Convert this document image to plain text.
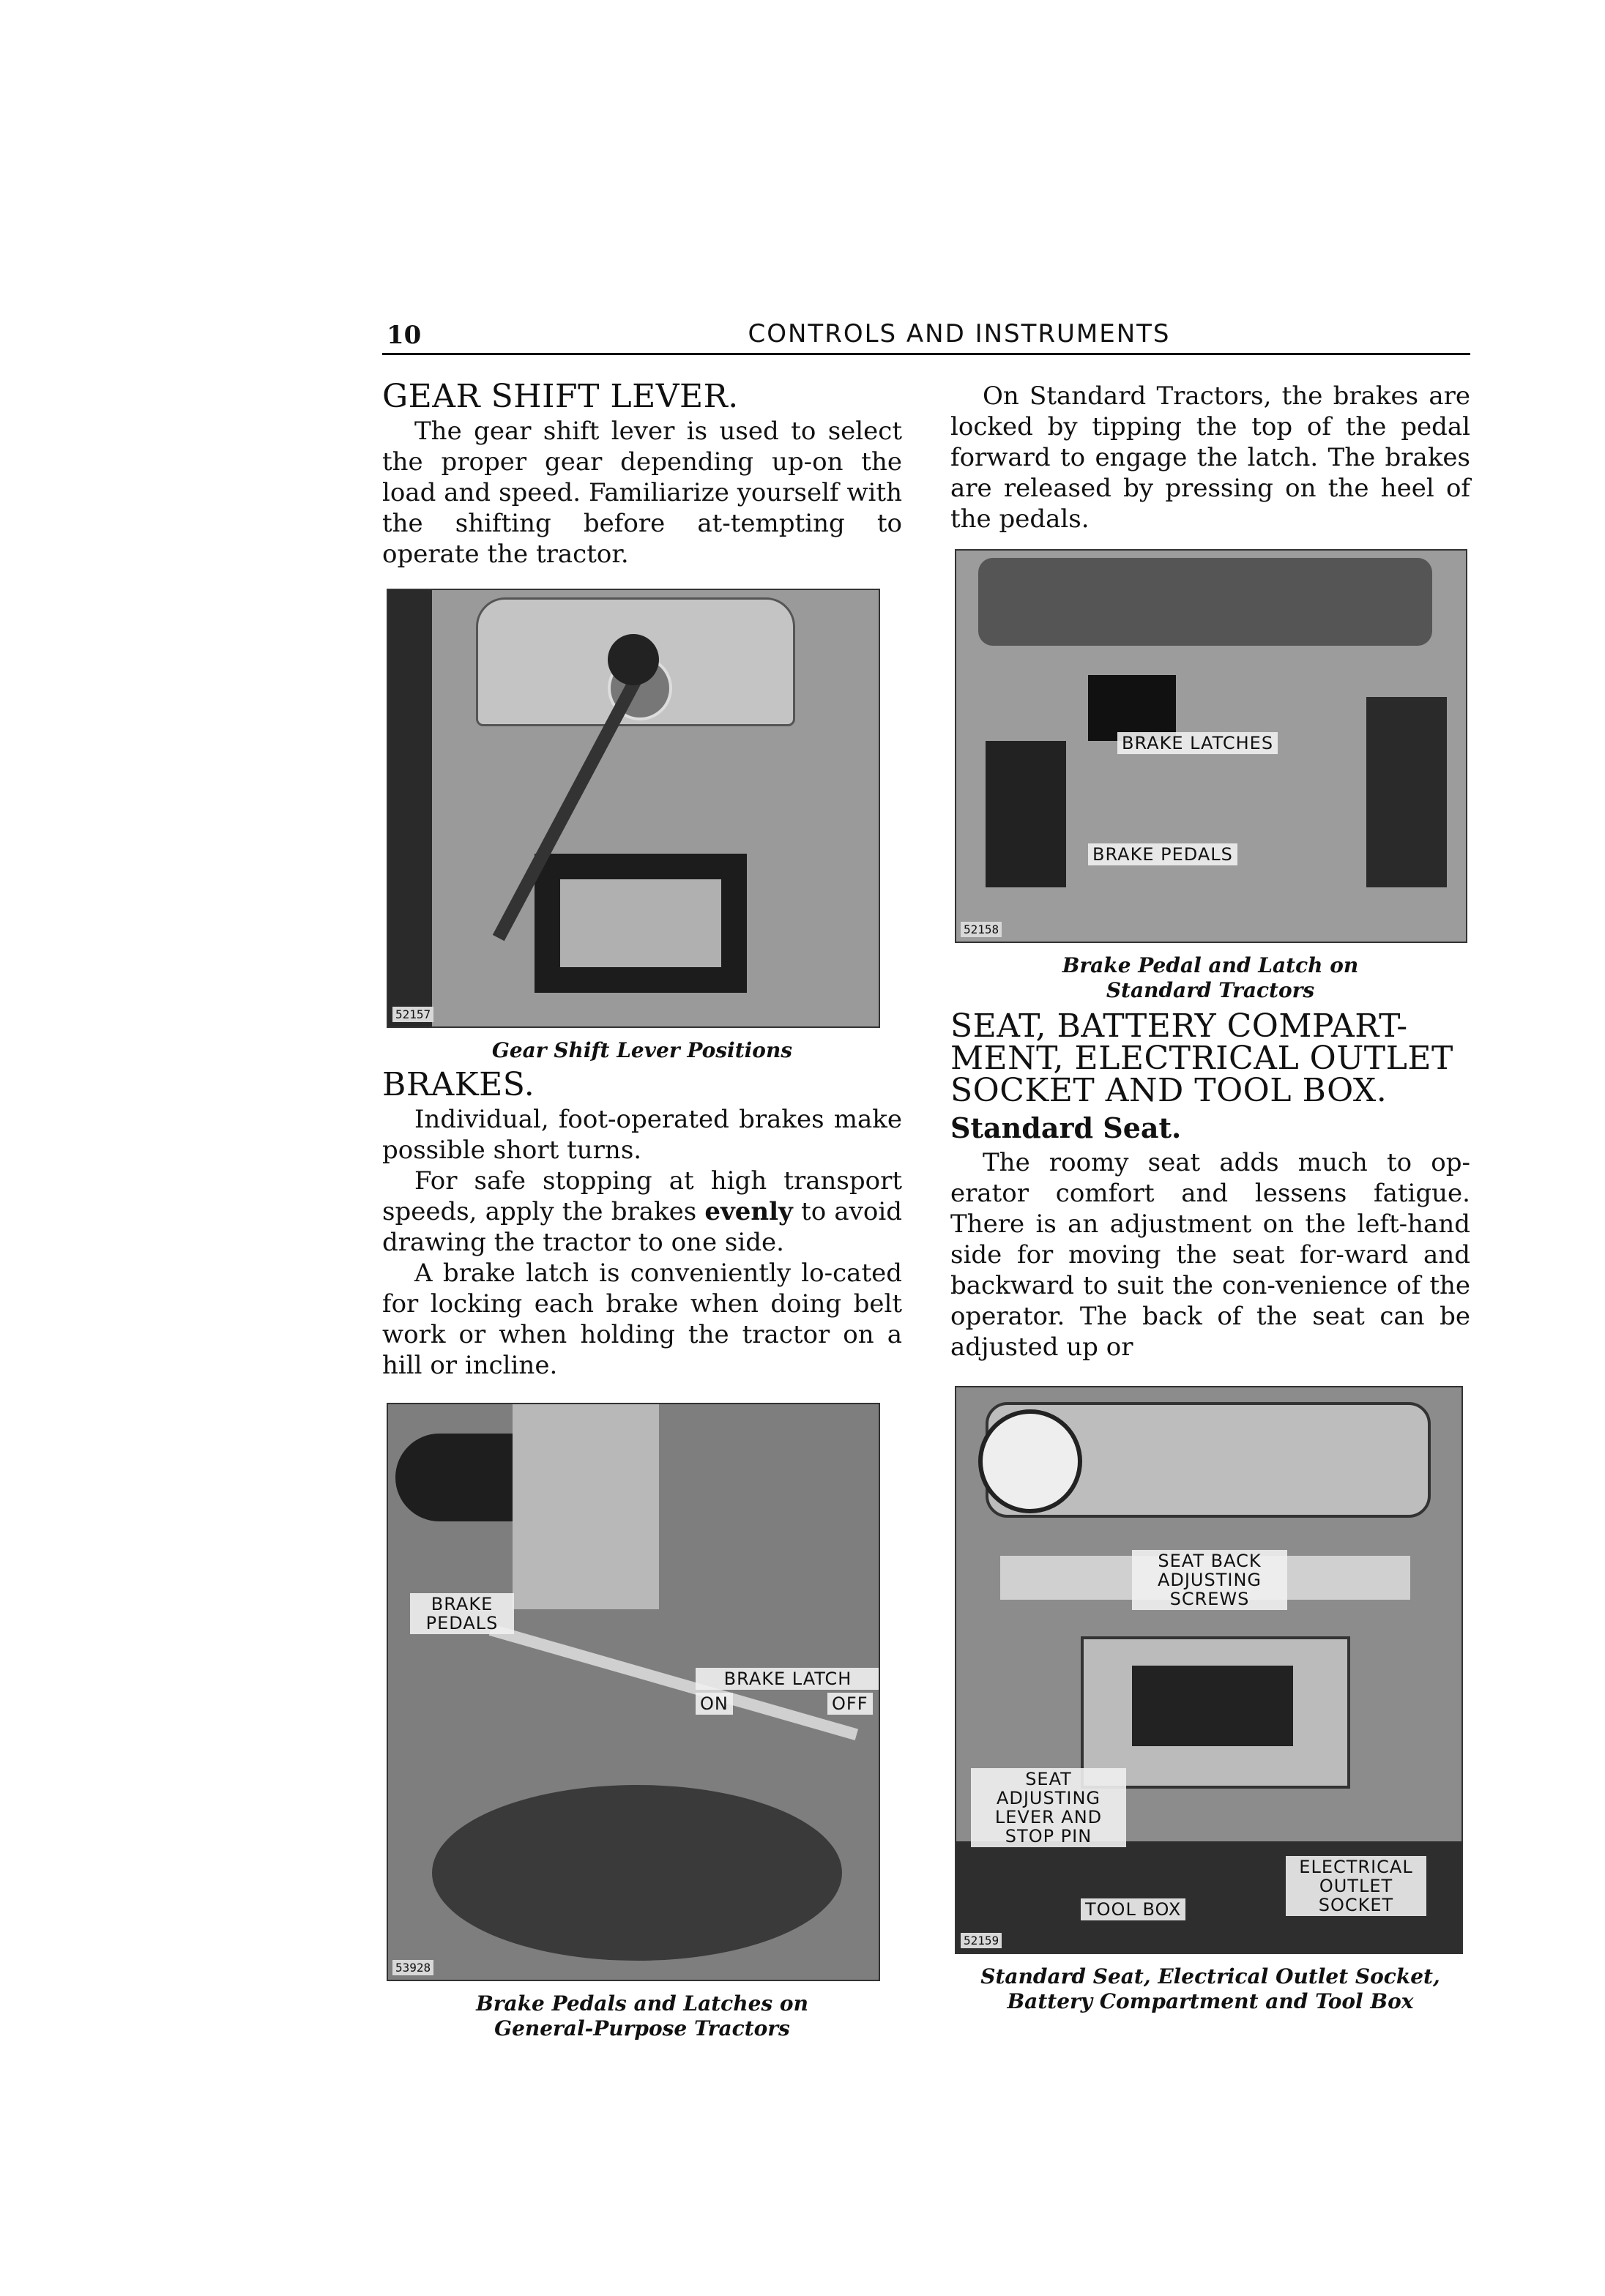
10	CONTROLS AND INSTRUMENTS
GEAR SHIFT LEVER.

The gear shift lever is used to select the proper gear depending up-on the load and speed. Familiarize yourself with the shifting before at-tempting to operate the tractor.

52157
Gear Shift Lever Positions
BRAKES.

Individual, foot-operated brakes make possible short turns.

For safe stopping at high transport speeds, apply the brakes evenly to avoid drawing the tractor to one side.

A brake latch is conveniently lo-cated for locking each brake when doing belt work or when holding the tractor on a hill or incline.

BRAKE PEDALS
BRAKE LATCH
ON	OFF
53928
Brake Pedals and Latches on General-Purpose Tractors

On Standard Tractors, the brakes are locked by tipping the top of the pedal forward to engage the latch. The brakes are released by pressing on the heel of the pedals.

BRAKE LATCHES
BRAKE PEDALS
52158
Brake Pedal and Latch on Standard Tractors
SEAT, BATTERY COMPART-MENT, ELECTRICAL OUTLET SOCKET AND TOOL BOX.
Standard Seat.

The roomy seat adds much to op-erator comfort and lessens fatigue. There is an adjustment on the left-hand side for moving the seat for-ward and backward to suit the con-venience of the operator. The back of the seat can be adjusted up or

SEAT BACK ADJUSTING SCREWS
SEAT ADJUSTING LEVER AND STOP PIN
TOOL BOX
ELECTRICAL OUTLET SOCKET
52159
Standard Seat, Electrical Outlet Socket, Battery Compartment and Tool Box
